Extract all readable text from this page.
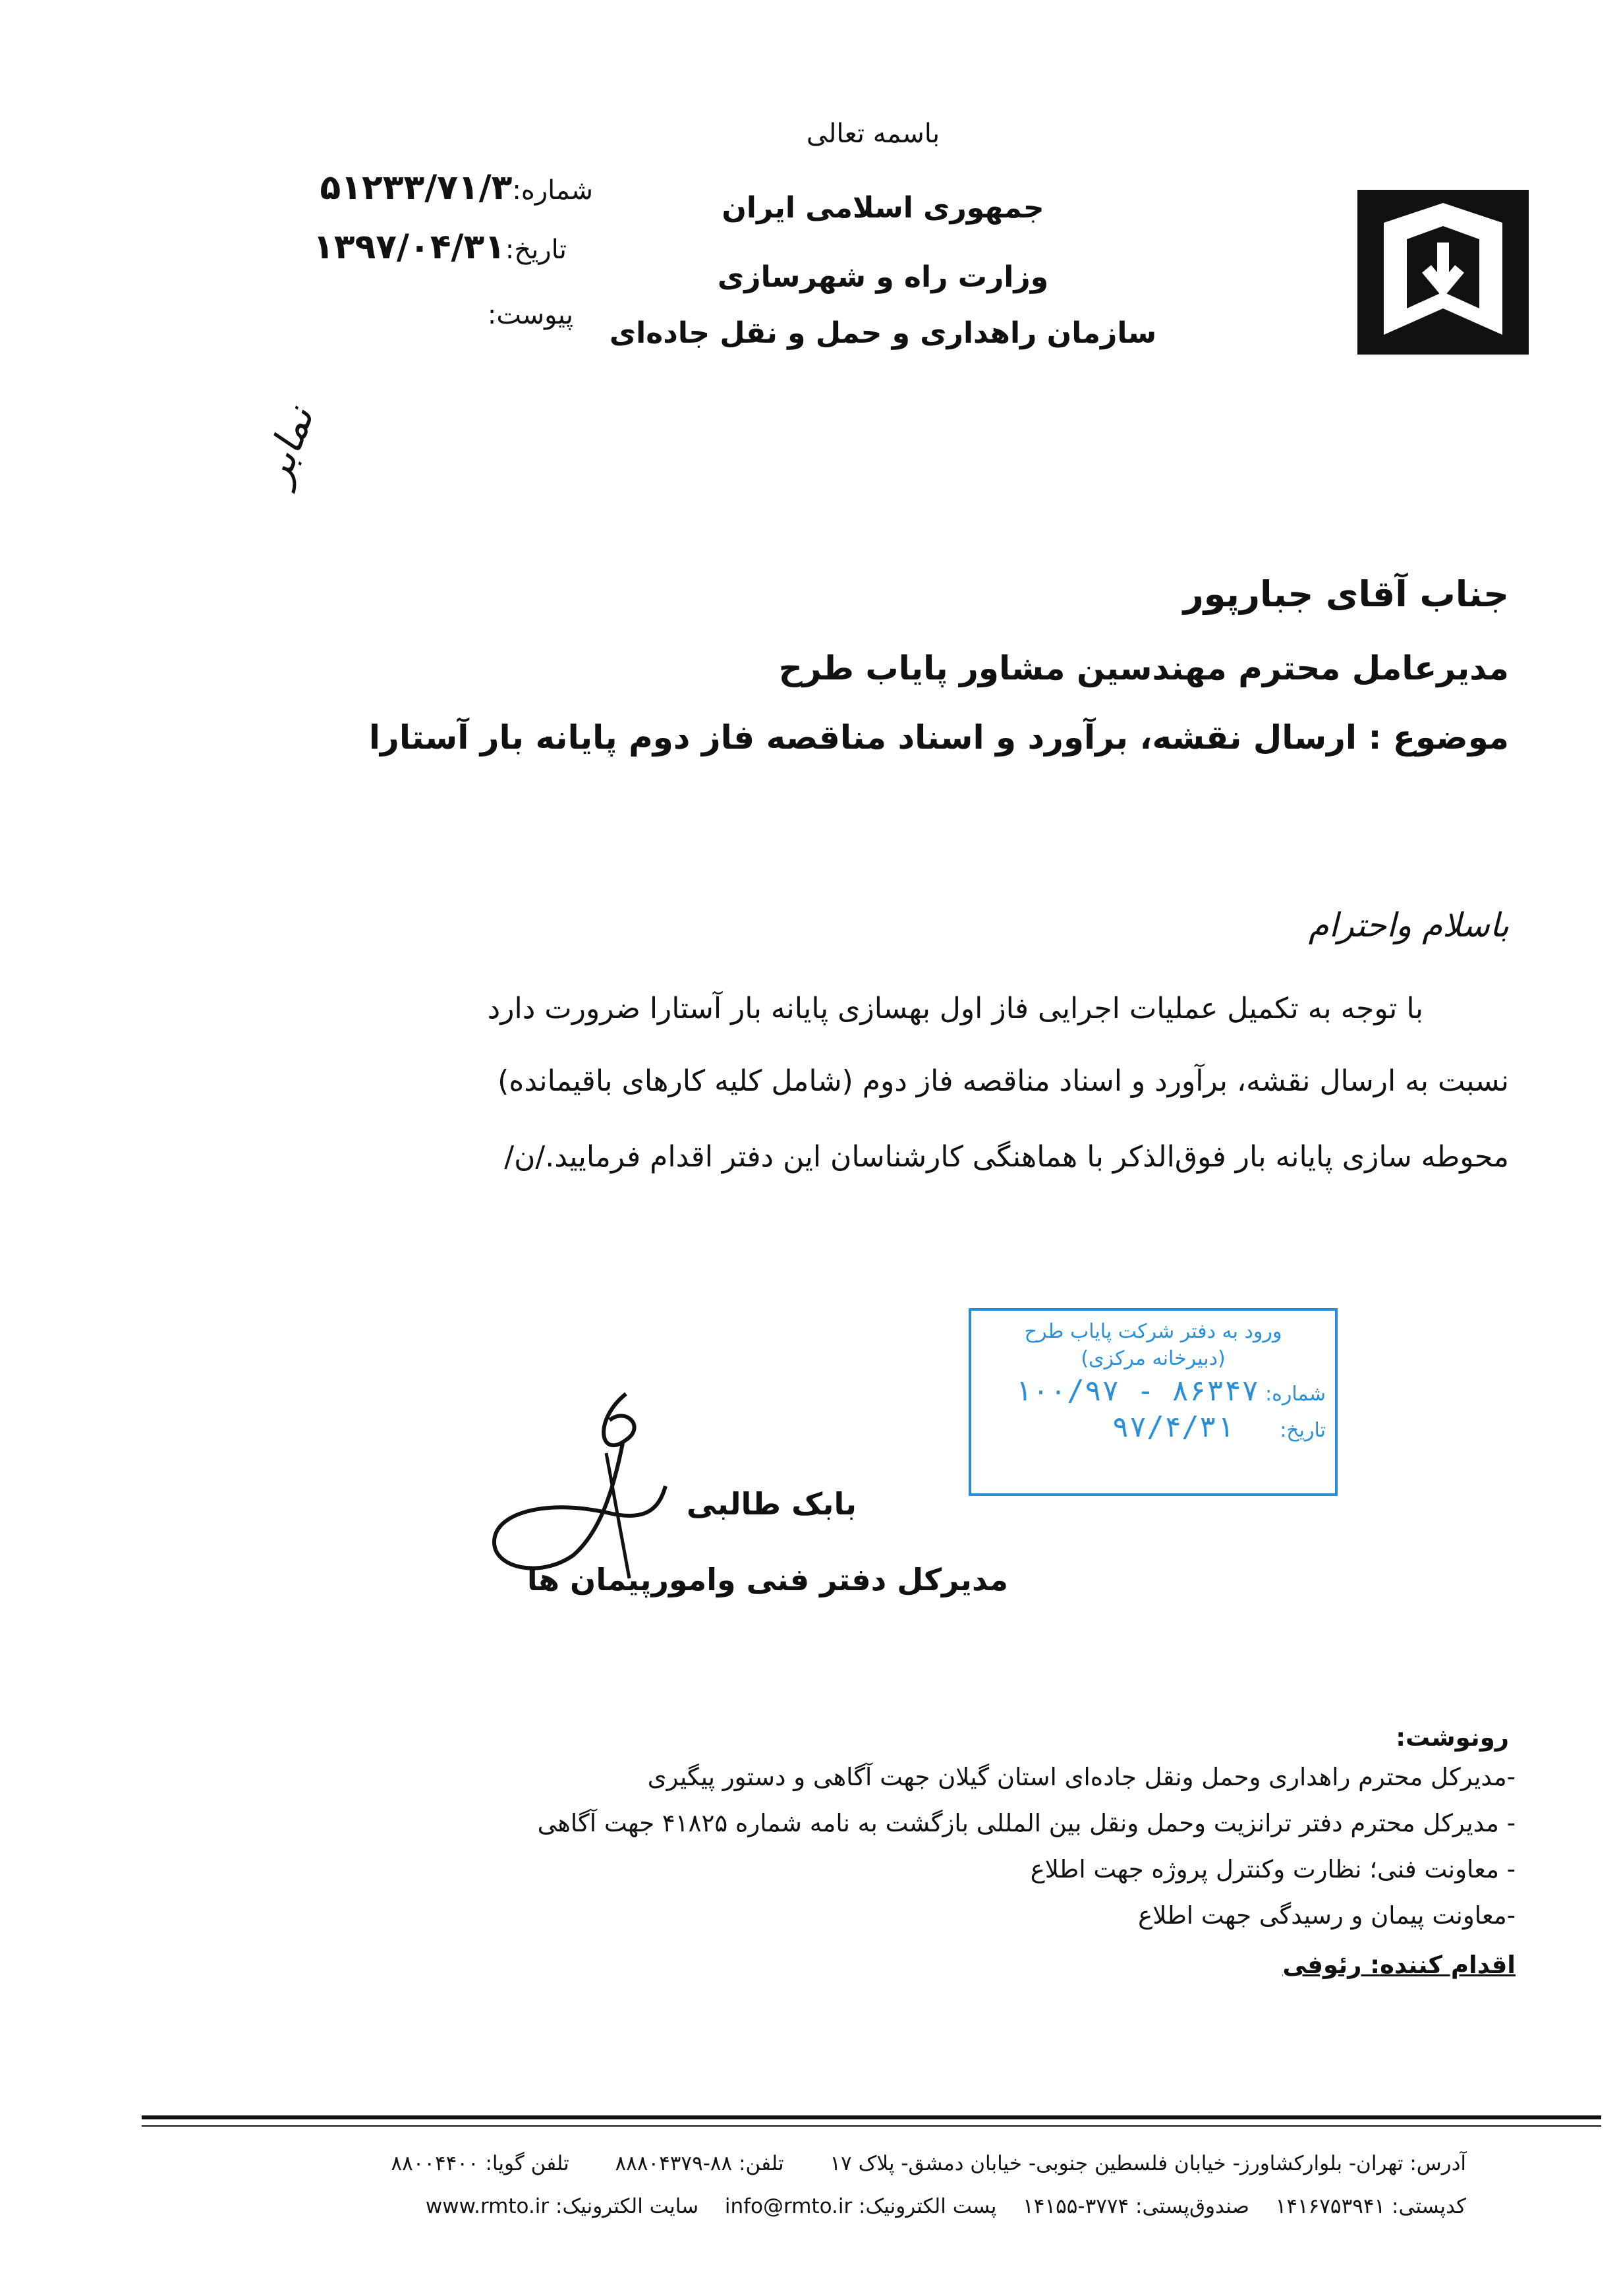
باسمه تعالی
جمهوری اسلامی ایران
وزارت راه و شهرسازی
سازمان راهداری و حمل و نقل جاده‌ای
شماره:۵۱۲۳۳/۷۱/۳
تاریخ:۱۳۹۷/۰۴/۳۱
پیوست:
نمابر
جناب آقای جبارپور
مدیرعامل محترم مهندسین مشاور پایاب طرح
موضوع : ارسال نقشه، برآورد و اسناد مناقصه فاز دوم پایانه بار آستارا
باسلام واحترام
با توجه به تکمیل عملیات اجرایی فاز اول بهسازی پایانه بار آستارا ضرورت دارد
نسبت به ارسال نقشه، برآورد و اسناد مناقصه فاز دوم (شامل کلیه کارهای باقیمانده)
محوطه سازی پایانه بار فوق‌الذکر با هماهنگی کارشناسان این دفتر اقدام فرمایید./ن/
ورود به دفتر شرکت پایاب طرح
(دبیرخانه مرکزی)
شماره: ۱۰۰/۹۷ - ۸۶۳۴۷
تاریخ: ۹۷/۴/۳۱
بابک طالبی
مدیرکل دفتر فنی وامورپیمان ها
رونوشت:
-مدیرکل محترم راهداری وحمل ونقل جاده‌ای استان گیلان جهت آگاهی و دستور پیگیری
- مدیرکل محترم دفتر ترانزیت وحمل ونقل بین المللی بازگشت به نامه شماره ۴۱۸۲۵ جهت آگاهی
- معاونت فنی؛ نظارت وکنترل پروژه جهت اطلاع
-معاونت پیمان و رسیدگی جهت اطلاع
اقدام کننده: رئوفی
آدرس: تهران- بلوارکشاورز- خیابان فلسطین جنوبی- خیابان دمشق- پلاک ۱۷  تلفن: ۸۸-۸۸۸۰۴۳۷۹  تلفن گویا: ۸۸۰۰۴۴۰۰
کدپستی: ۱۴۱۶۷۵۳۹۴۱  صندوق‌پستی: ۳۷۷۴-۱۴۱۵۵  پست الکترونیک: info@rmto.ir  سایت الکترونیک: www.rmto.ir
